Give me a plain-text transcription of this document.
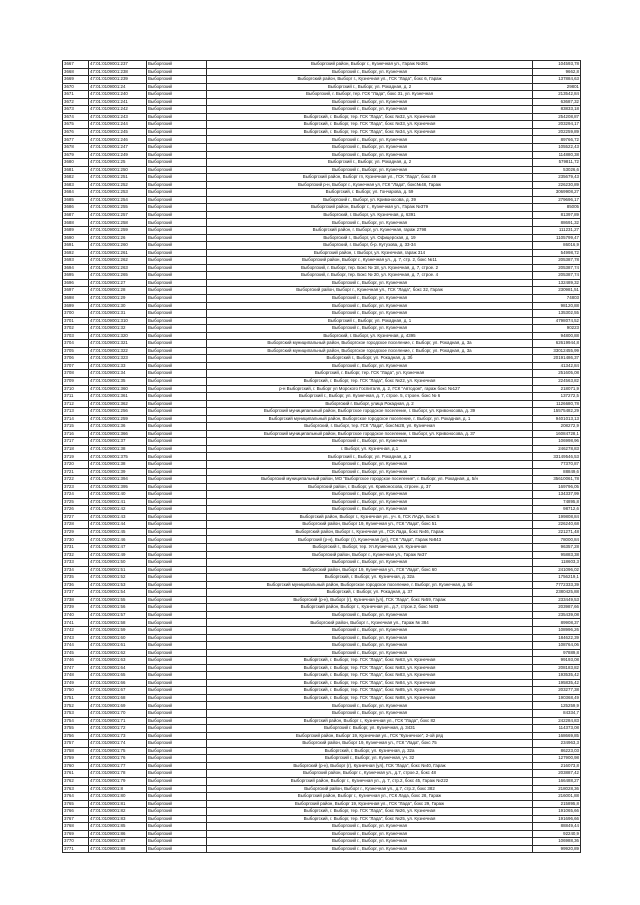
3667	47:01:0109001:237	Выборгский	Выборгский район, Выборг г., Кузнечная ул., Гараж №391	104593,78
3668	47:01:0109001:238	Выборгский	Выборгский г., Выборг, ул. Кузнечная	9662,8
3669	47:01:0109001:239	Выборгский	Выборгский район, Выборг г., Кузнечная ул., ГСК "Лада", бокс 6, Гараж	137884,63
3670	47:01:0109001:24	Выборгский	Выборгский г., Выборг, ул. Рокадная, д. 2	29801
3671	47:01:0109001:240	Выборгский	Выборгский, г. Выборг, тер. ГСК "Лада", бокс 31, ул. Кузнечная	213542,84
3672	47:01:0109001:241	Выборгский	Выборгский г., Выборг, ул. Кузнечная	63687,32
3673	47:01:0109001:242	Выборгский	Выборгский г., Выборг, ул. Кузнечная	83833,18
3674	47:01:0109001:243	Выборгский	Выборгский, г. Выборг, тер. ГСК "Лада", бокс №32, ул. Кузнечная	254208,87
3675	47:01:0109001:244	Выборгский	Выборгский, г. Выборг, тер. ГСК "Лада", бокс №33, ул. Кузнечная	203294,17
3676	47:01:0109001:245	Выборгский	Выборгский, г. Выборг, тер. ГСК "Лада", бокс №34, ул. Кузнечная	202259,89
3677	47:01:0109001:246	Выборгский	Выборгский г., Выборг, ул. Кузнечная	89766,72
3678	47:01:0109001:247	Выборгский	Выборгский г., Выборг, ул. Кузнечная	105522,43
3679	47:01:0109001:249	Выборгский	Выборгский г., Выборг, ул. Кузнечная	114880,38
3680	47:01:0109001:25	Выборгский	Выборгский г., Выборг, ул. Рокадная, д. 2	579811,72
3681	47:01:0109001:250	Выборгский	Выборгский г., Выборг, ул. Кузнечная	53026,6
3682	47:01:0109001:251	Выборгский	Выборгский район, Выборг гп, Кузнечная ул., ГСК "Лада", бокс 49	235679,43
3683	47:01:0109001:252	Выборгский	Выборгский р-н, Выборг г., Кузнечная ул, ГСК "Лада", бокс№48, Гараж	226230,89
3684	47:01:0109001:253	Выборгский	Выборгский, г. Выборг, ул. Гончарова, д. 59	3069908,27
3685	47:01:0109001:254	Выборгский	Выборгский г., Выборг, ул. Кривоносова, д. 39	279696,17
3686	47:01:0109001:255	Выборгский	Выборгский район, Выборг г., Кузнечная ул., Гараж №379	85005
3687	47:01:0109001:257	Выборгский	Выборгский, г. Выборг, ул. Кузнечная, д. 6391	81397,89
3688	47:01:0109001:258	Выборгский	Выборгский г., Выборг, ул. Кузнечная	88691,32
3689	47:01:0109001:259	Выборгский	Выборгский район, г. Выборг, ул. Кузнечная, гараж 2798	111231,27
3690	47:01:0109001:26	Выборгский	Выборгский г., Выборг, ул. Офицерская, д. 19	1105799,47
3691	47:01:0109001:260	Выборгский	Выборгский, г. Выборг, б-р. Кутузова, д. 33-34	86016,9
3692	47:01:0109001:261	Выборгский	Выборгский район, г. Выборг, ул. Кузнечная, гараж 314	54998,72
3693	47:01:0109001:262	Выборгский	Выборгский район, Выборг г., Кузнечная ул., д. 7, стр. 2, бокс №11	205387,78
3694	47:01:0109001:263	Выборгский	Выборгский, г. Выборг, тер. Бокс № 18, ул. Кузнечная, д. 7, строе. 2	205387,74
3695	47:01:0109001:265	Выборгский	Выборгский, г. Выборг, тер. Бокс № 20, ул. Кузнечная, д. 7, строе. 4	205387,74
3696	47:01:0109001:27	Выборгский	Выборгский г., Выборг, ул. Кузнечная	132489,32
3697	47:01:0109001:28	Выборгский	Выборгский район, Выборг г., Кузнечная ул., ГСК "Лада", бокс 32, Гараж	230981,51
3698	47:01:0109001:29	Выборгский	Выборгский г., Выборг, ул. Кузнечная	74803
3699	47:01:0109001:30	Выборгский	Выборгский г., Выборг, ул. Кузнечная	98120,88
3700	47:01:0109001:31	Выборгский	Выборгский г., Выборг, ул. Кузнечная	135302,55
3701	47:01:0109001:310	Выборгский	Выборгский г., Выборг, ул. Рокадная, д. 1	4798074,52
3702	47:01:0109001:32	Выборгский	Выборгский г., Выборг, ул. Кузнечная	90223
3703	47:01:0109001:320	Выборгский	Выборгский, г. Выборг, ул. Кузнечная, д. 4395	94800,88
3704	47:01:0109001:321	Выборгский	Выборгский муниципальный район, Выборгское городское поселение, г. Выборг, ул. Рокадная, д. 3а	62619944,8
3705	47:01:0109001:322	Выборгский	Выборгский муниципальный район, Выборгское городское поселение, г. Выборг, ул. Рокадная, д. 3а	33012455,99
3706	47:01:0109001:323	Выборгский	Выборгский г., Выборг, ул. Рокадная, д. 3б	20191486,37
3707	47:01:0109001:33	Выборгский	Выборгский г., Выборг, ул. Кузнечная	41342,84
3708	47:01:0109001:34	Выборгский	Выборгский, г. Выборг, тер. ГСК "Лада", ул. Кузнечная	251605,08
3709	47:01:0109001:35	Выборгский	Выборгский, г. Выборг, тер. ГСК "Лада", бокс №22, ул. Кузнечная	224563,82
3710	47:01:0109001:360	Выборгский	р-н Выборгский, г. Выборг ул Морского Госпиталя, д. 2, ГСК "Автодом", гараж бокс №127	218071,9
3711	47:01:0109001:361	Выборгский	Выборгский г., Выборг, ул. Кузнечная, д. 7, строе. 5, строен. бокс № 6	137272,5
3712	47:01:0109001:362	Выборгский	Выборгский г. Выборг, улица Рокадная, д. 2	1126680,78
3713	47:01:0109001:256	Выборгский	Выборгский муниципальный район, Выборгское городское поселение, г. Выборг, ул. Кривоносова, д. 39	15575482,29
3714	47:01:0109001:259	Выборгский	Выборгский муниципальный район, Выборгское городское поселение, г. Выборг, ул. Рокадная, д. 1	9401013,13
3715	47:01:0109001:36	Выборгский	Выборгский, г. Выборг, тер. ГСК "Лада", бокс№28, ул. Кузнечная	208272,9
3716	47:01:0109001:366	Выборгский	Выборгский муниципальный район, Выборгское городское поселение, г. Выборг, ул. Кривоносова, д. 37	16084728,1
3717	47:01:0109001:37	Выборгский	Выборгский г., Выборг, ул. Кузнечная	106998,96
3718	47:01:0109001:38	Выборгский	г. Выборг, ул. Кузнечная, д.1	246278,83
3719	47:01:0109001:375	Выборгский	Выборгский г., Выборг, ул. Рокадная, д. 2	33149546,53
3720	47:01:0109001:38	Выборгский	Выборгский г., Выборг, ул. Кузнечная	77370,87
3721	47:01:0109001:39	Выборгский	Выборгский г., Выборг, ул. Кузнечная	88849,6
3722	47:01:0109001:394	Выборгский	Выборгский муниципальный район, МО "Выборгское городское поселение", г. Выборг, ул. Рокадная, д. 5/н	35610061,78
3723	47:01:0109001:395	Выборгский	Выборгский район, г. Выборг, ул. Кривоносова, строен. д. 37	169796,05
3724	47:01:0109001:40	Выборгский	Выборгский г., Выборг, ул. Кузнечная	134337,99
3725	47:01:0109001:41	Выборгский	Выборгский г., Выборг, ул. Кузнечная	74895,8
3726	47:01:0109001:42	Выборгский	Выборгский г., Выборг, ул. Кузнечная	98712,6
3727	47:01:0109001:43	Выборгский	Выборгский район, Выборг г., Кузнечная ул., уч. 6, ГСК ЛАДА, Бокс 5	199808,84
3728	47:01:0109001:44	Выборгский	Выборгский район, Выборг 19, Кузнечная ул., ГСК "Лада", бокс 51	226240,68
3729	47:01:0109001:45	Выборгский	Выборгский район, Выборг г., Кузнечная ул., ГСК Лада, бокс №46, Гараж	221271,48
3730	47:01:0109001:46	Выборгский	Выборгский (р-н), Выборг (г), Кузнечная (ул), ГСК "Лада", Гараж №843	78000,84
3731	47:01:0109001:47	Выборгский	Выборгский г., Выборг, тер. Ул.Кузнечная, ул. Кузнечная	96357,28
3732	47:01:0109001:49	Выборгский	Выборгский район, Выборг г., Кузнечная ул., Гараж №37	95883,38
3733	47:01:0109001:50	Выборгский	Выборгский г., Выборг, ул. Кузнечная	118603,3
3734	47:01:0109001:51	Выборгский	Выборгский район, Выборг 19, Кузнечная ул., ГСК "Лада", бокс 60	241096,02
3735	47:01:0109001:52	Выборгский	Выборгский, г. Выборг, ул. Кузнечная, д. 32а	1756219,1
3736	47:01:0109001:53	Выборгский	Выборгский муниципальный район, Выборгское городское поселение, г. Выборг, ул. Кузнечная, д. 5б	7772333,39
3737	47:01:0109001:54	Выборгский	Выборгский, г. Выборг, ул. Рокадная, д. 37	2380425,88
3738	47:01:0109001:55	Выборгский	Выборгский (р-н), Выборг (г), Кузнечная (ул), ГСК "Лада", бокс №59, Гараж	233449,53
3739	47:01:0109001:56	Выборгский	Выборгский район, Выборг г., Кузнечная ул., д.7, строе.2, бокс №83	203987,66
3740	47:01:0109001:57	Выборгский	Выборгский г., Выборг, ул. Кузнечная	235439,08
3741	47:01:0109001:58	Выборгский	Выборгский район, Выборг г., Кузнечная ул., Гараж № 384	89908,37
3742	47:01:0109001:59	Выборгский	Выборгский г., Выборг, ул. Кузнечная	108996,26
3743	47:01:0109001:60	Выборгский	Выборгский г., Выборг, ул. Кузнечная	184622,39
3744	47:01:0109001:61	Выборгский	Выборгский г., Выборг, ул. Кузнечная	108764,06
3745	47:01:0109001:62	Выборгский	Выборгский г., Выборг, ул. Кузнечная	97889,8
3746	47:01:0109001:63	Выборгский	Выборгский, г. Выборг, тер. ГСК "Лада", бокс №63, ул. Кузнечная	99193,08
3747	47:01:0109001:64	Выборгский	Выборгский, г. Выборг, тер. ГСК "Лада", бокс №83, ул. Кузнечная	208183,82
3748	47:01:0109001:65	Выборгский	Выборгский, г. Выборг, тер. ГСК "Лада", бокс №83, ул. Кузнечная	193535,42
3749	47:01:0109001:66	Выборгский	Выборгский, г. Выборг, тер. ГСК "Лада", бокс №84, ул. Кузнечная	195835,42
3750	47:01:0109001:67	Выборгский	Выборгский, г. Выборг, тер. ГСК "Лада", бокс №85, ул. Кузнечная	203277,38
3751	47:01:0109001:68	Выборгский	Выборгский, г. Выборг, тер. ГСК "Лада", бокс №88, ул. Кузнечная	190368,49
3752	47:01:0109001:69	Выборгский	Выборгский г., Выборг, ул. Кузнечная	125259,9
3753	47:01:0109001:70	Выборгский	Выборгский г., Выборг, ул. Кузнечная	84334,7
3754	47:01:0109001:71	Выборгский	Выборгский район, Выборг г., Кузнечная ул., ГСК "Лада", бокс 82	242284,83
3755	47:01:0109001:72	Выборгский	Выборгский г. Выборг, ул. Кузнечная, д. 3431	114373,08
3756	47:01:0109001:73	Выборгский	Выборгский район, Выборг 19, Кузнечная ул., ГСК "Кузнечное", 2-ой ряд	168669,85
3757	47:01:0109001:74	Выборгский	Выборгский район, Выборг 19, Кузнечная ул., ГСК "Лада", бокс 75	234963,3
3758	47:01:0109001:75	Выборгский	Выборгский, г. Выборг, ул. Кузнечная, д. 32а	86223,03
3759	47:01:0109001:76	Выборгский	Выборгский г., Выборг, ул. Кузнечная, уч. 32	127900,98
3760	47:01:0109001:77	Выборгский	Выборгский (р-н), Выборг (г), Кузнечная (ул), ГСК "Лада", бокс №40, Гараж	216073,8
3761	47:01:0109001:78	Выборгский	Выборгский район, Выборг г., Кузнечная ул., д.7, строе.2, бокс 48	203887,42
3762	47:01:0109001:79	Выборгский	Выборгский район, Выборг г., Кузнечная ул., д. 7, стр.2, бокс 45, Гараж №222	166488,27
3763	47:01:0109001:8	Выборгский	Выборгский район, Выборг г., Кузнечная ул., д.7, стр.2, бокс 382	218028,36
3764	47:01:0109001:80	Выборгский	Выборгский район, Выборг г., Кузнечная ул., ГСК Лада, бокс 28, Гараж	216001,88
3765	47:01:0109001:81	Выборгский	Выборгский район, Выборг 19, Кузнечная ул., ГСК "Лада", бокс 29, Гараж	215895,8
3766	47:01:0109001:82	Выборгский	Выборгский, г. Выборг, тер. ГСК "Лада", бокс №26, ул. Кузнечная	191065,66
3767	47:01:0109001:83	Выборгский	Выборгский, г. Выборг, тер. ГСК "Лада", бокс №25, ул. Кузнечная	191696,66
3768	47:01:0109001:85	Выборгский	Выборгский г., Выборг, ул. Кузнечная	88849,44
3769	47:01:0109001:86	Выборгский	Выборгский г., Выборг, ул. Кузнечная	92240,9
3770	47:01:0109001:87	Выборгский	Выборгский г., Выборг, ул. Кузнечная	106988,36
3771	47:01:0109001:88	Выборгский	Выборгский г., Выборг, ул. Кузнечная	99920,89
